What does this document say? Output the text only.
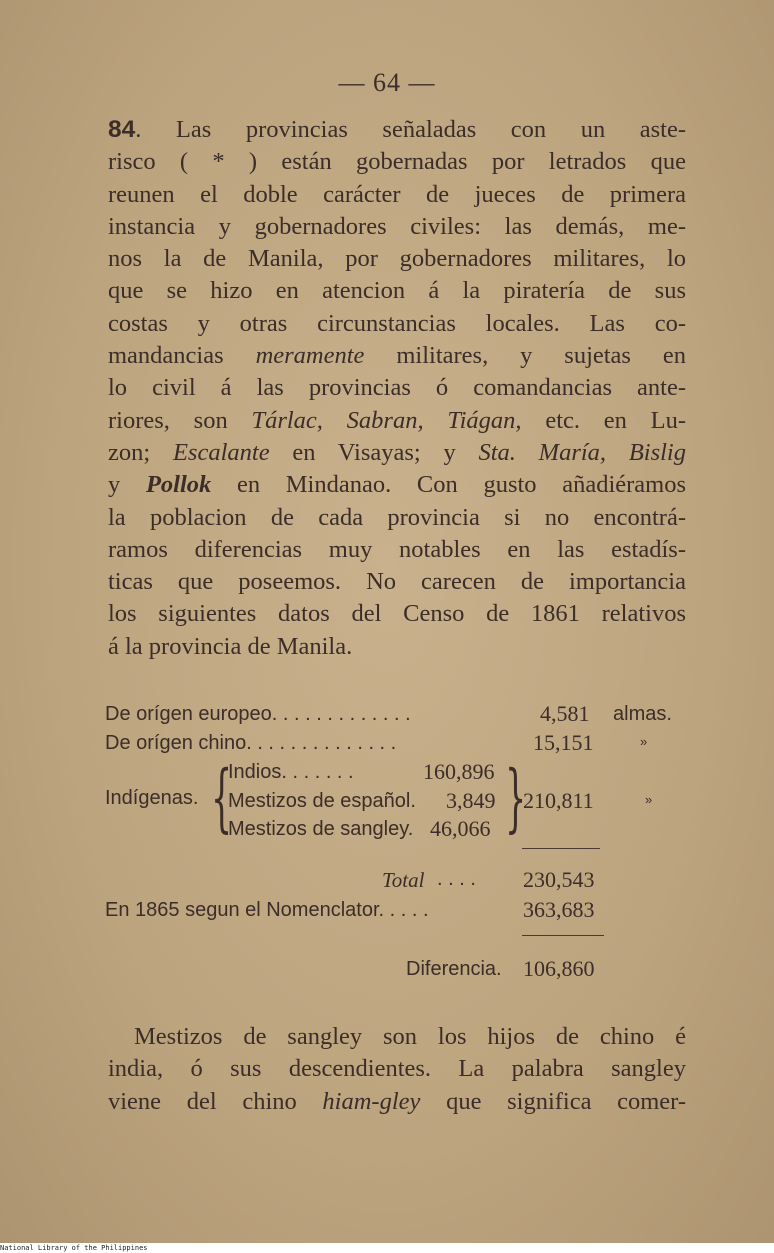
— 64 —
84. Las provincias señaladas con un aste-
risco ( * ) están gobernadas por letrados que
reunen el doble carácter de jueces de primera
instancia y gobernadores civiles: las demás, me-
nos la de Manila, por gobernadores militares, lo
que se hizo en atencion á la piratería de sus
costas y otras circunstancias locales. Las co-
mandancias meramente militares, y sujetas en
lo civil á las provincias ó comandancias ante-
riores, son Tárlac, Sabran, Tiágan, etc. en Lu-
zon; Escalante en Visayas; y Sta. María, Bislig
y Pollok en Mindanao. Con gusto añadiéramos
la poblacion de cada provincia si no encontrá-
ramos diferencias muy notables en las estadís-
ticas que poseemos. No carecen de importancia
los siguientes datos del Censo de 1861 relativos
á la provincia de Manila.
De orígen europeo. . . . . . . . . . . . .	4,581 almas.
De orígen chino. . . . . . . . . . . . . .	15,151	»
Indígenas. {
Indios. . . . . . .	160,896
Mestizos de español. 3,849
Mestizos de sangley. 46,066 }
210,811	»
Total . . . . 230,543
En 1865 segun el Nomenclator. . . . .	363,683
Diferencia. 106,860
Mestizos de sangley son los hijos de chino é
india, ó sus descendientes. La palabra sangley
viene del chino hiam-gley que significa comer-
National Library of the Philippines
